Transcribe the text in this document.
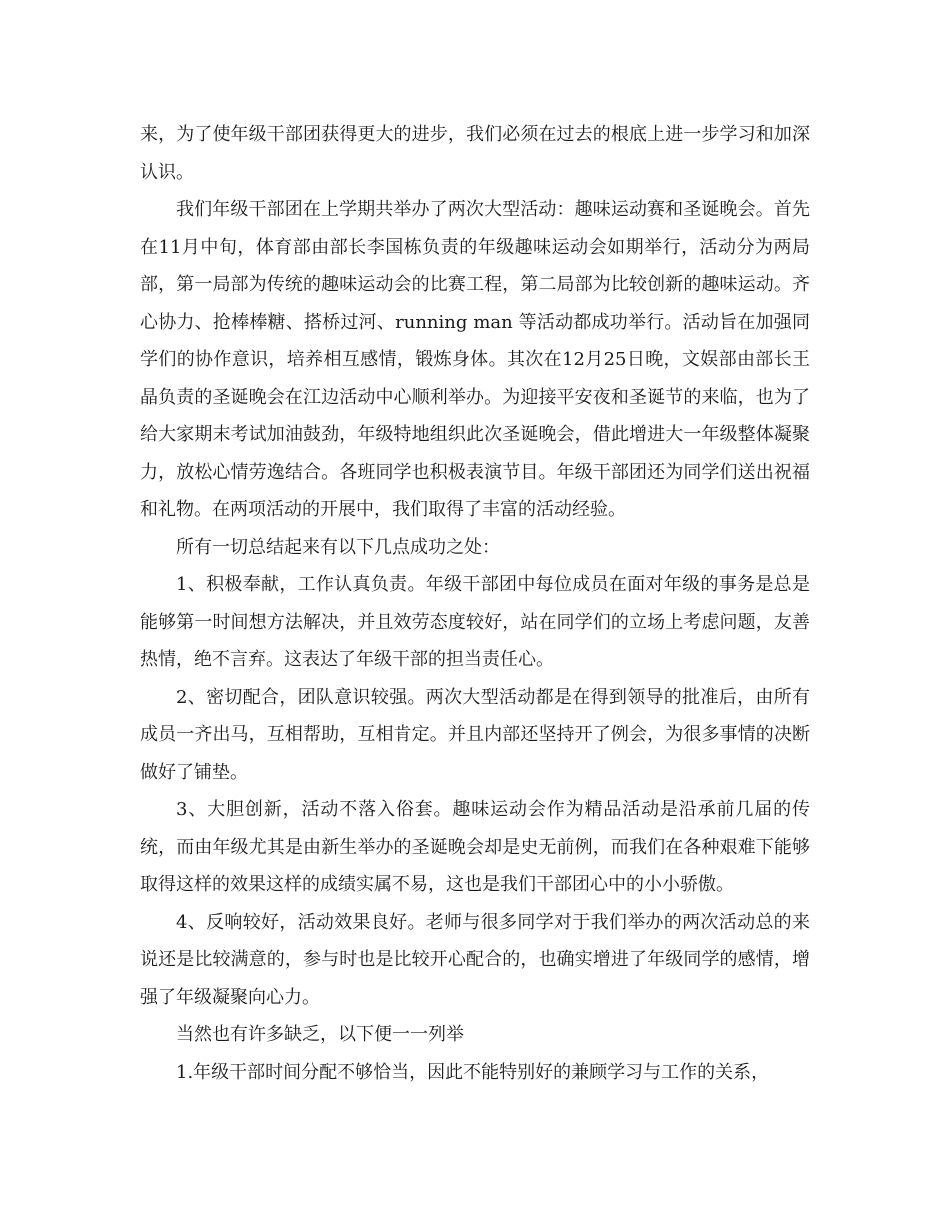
来，为了使年级干部团获得更大的进步，我们必须在过去的根底上进一步学习和加深认识。

我们年级干部团在上学期共举办了两次大型活动：趣味运动赛和圣诞晚会。首先在11月中旬，体育部由部长李国栋负责的年级趣味运动会如期举行，活动分为两局部，第一局部为传统的趣味运动会的比赛工程，第二局部为比较创新的趣味运动。齐心协力、抢棒棒糖、搭桥过河、running man 等活动都成功举行。活动旨在加强同学们的协作意识，培养相互感情，锻炼身体。其次在12月25日晚，文娱部由部长王晶负责的圣诞晚会在江边活动中心顺利举办。为迎接平安夜和圣诞节的来临，也为了给大家期末考试加油鼓劲，年级特地组织此次圣诞晚会，借此增进大一年级整体凝聚力，放松心情劳逸结合。各班同学也积极表演节目。年级干部团还为同学们送出祝福和礼物。在两项活动的开展中，我们取得了丰富的活动经验。

所有一切总结起来有以下几点成功之处：

1、积极奉献，工作认真负责。年级干部团中每位成员在面对年级的事务是总是能够第一时间想方法解决，并且效劳态度较好，站在同学们的立场上考虑问题，友善热情，绝不言弃。这表达了年级干部的担当责任心。

2、密切配合，团队意识较强。两次大型活动都是在得到领导的批准后，由所有成员一齐出马，互相帮助，互相肯定。并且内部还坚持开了例会，为很多事情的决断做好了铺垫。

3、大胆创新，活动不落入俗套。趣味运动会作为精品活动是沿承前几届的传统，而由年级尤其是由新生举办的圣诞晚会却是史无前例，而我们在各种艰难下能够取得这样的效果这样的成绩实属不易，这也是我们干部团心中的小小骄傲。

4、反响较好，活动效果良好。老师与很多同学对于我们举办的两次活动总的来说还是比较满意的，参与时也是比较开心配合的，也确实增进了年级同学的感情，增强了年级凝聚向心力。

当然也有许多缺乏，以下便一一列举

1.年级干部时间分配不够恰当，因此不能特别好的兼顾学习与工作的关系，
